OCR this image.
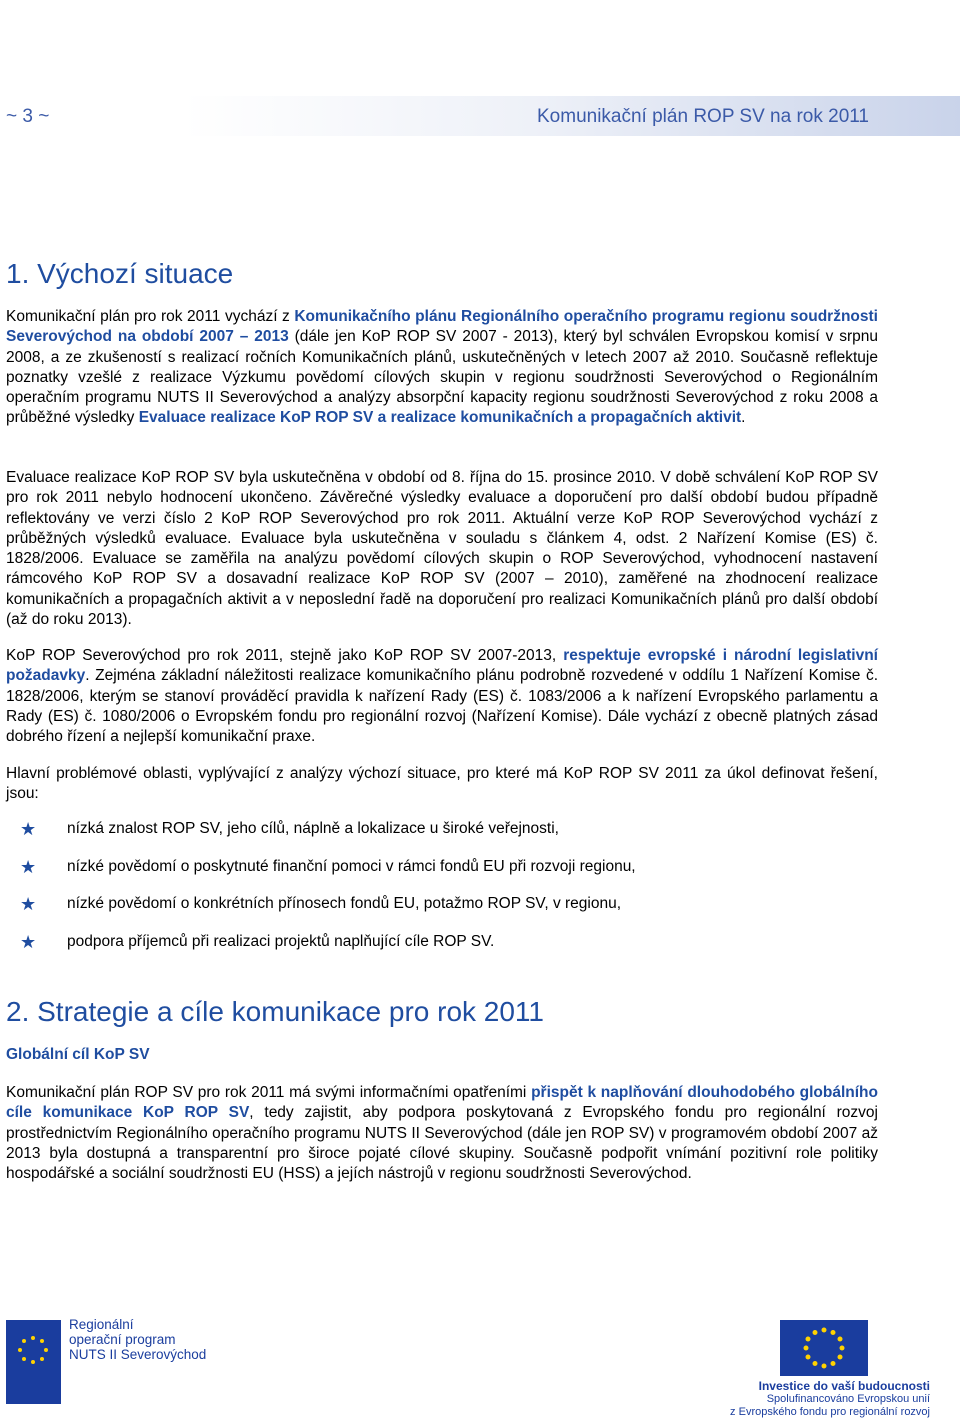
~ 3 ~	Komunikační plán ROP SV na rok 2011
1. Výchozí situace

Komunikační plán pro rok 2011 vychází z Komunikačního plánu Regionálního operačního programu regionu soudržnosti Severovýchod na období 2007 – 2013 (dále jen KoP ROP SV 2007 - 2013), který byl schválen Evropskou komisí v srpnu 2008, a ze zkušeností s realizací ročních Komunikačních plánů, uskutečněných v letech 2007 až 2010. Současně reflektuje poznatky vzešlé z realizace Výzkumu povědomí cílových skupin v regionu soudržnosti Severovýchod o Regionálním operačním programu NUTS II Severovýchod a analýzy absorpční kapacity regionu soudržnosti Severovýchod z roku 2008 a průběžné výsledky Evaluace realizace KoP ROP SV a realizace komunikačních a propagačních aktivit.

Evaluace realizace KoP ROP SV byla uskutečněna v období od 8. října do 15. prosince 2010. V době schválení KoP ROP SV pro rok 2011 nebylo hodnocení ukončeno. Závěrečné výsledky evaluace a doporučení pro další období budou případně reflektovány ve verzi číslo 2 KoP ROP Severovýchod pro rok 2011. Aktuální verze KoP ROP Severovýchod vychází z průběžných výsledků evaluace. Evaluace byla uskutečněna v souladu s článkem 4, odst. 2 Nařízení Komise (ES) č. 1828/2006. Evaluace se zaměřila na analýzu povědomí cílových skupin o ROP Severovýchod, vyhodnocení nastavení rámcového KoP ROP SV a dosavadní realizace KoP ROP SV (2007 – 2010), zaměřené na zhodnocení realizace komunikačních a propagačních aktivit a v neposlední řadě na doporučení pro realizaci Komunikačních plánů pro další období (až do roku 2013).

KoP ROP Severovýchod pro rok 2011, stejně jako KoP ROP SV 2007-2013, respektuje evropské i národní legislativní požadavky. Zejména základní náležitosti realizace komunikačního plánu podrobně rozvedené v oddílu 1 Nařízení Komise č. 1828/2006, kterým se stanoví prováděcí pravidla k nařízení Rady (ES) č. 1083/2006 a k nařízení Evropského parlamentu a Rady (ES) č. 1080/2006 o Evropském fondu pro regionální rozvoj (Nařízení Komise). Dále vychází z obecně platných zásad dobrého řízení a nejlepší komunikační praxe.

Hlavní problémové oblasti, vyplývající z analýzy výchozí situace, pro které má KoP ROP SV 2011 za úkol definovat řešení, jsou:

★ nízká znalost ROP SV, jeho cílů, náplně a lokalizace u široké veřejnosti,
★ nízké povědomí o poskytnuté finanční pomoci v rámci fondů EU při rozvoji regionu,
★ nízké povědomí o konkrétních přínosech fondů EU, potažmo ROP SV, v regionu,
★ podpora příjemců při realizaci projektů naplňující cíle ROP SV.
2. Strategie a cíle komunikace pro rok 2011
Globální cíl KoP SV

Komunikační plán ROP SV pro rok 2011 má svými informačními opatřeními přispět k naplňování dlouhodobého globálního cíle komunikace KoP ROP SV, tedy zajistit, aby podpora poskytovaná z Evropského fondu pro regionální rozvoj prostřednictvím Regionálního operačního programu NUTS II Severovýchod (dále jen ROP SV) v programovém období 2007 až 2013 byla dostupná a transparentní pro široce pojaté cílové skupiny. Současně podpořit vnímání pozitivní role politiky hospodářské a sociální soudržnosti EU (HSS) a jejích nástrojů v regionu soudržnosti Severovýchod.

Regionální
operační program
NUTS II Severovýchod
Investice do vaší budoucnosti
Spolufinancováno Evropskou unií
z Evropského fondu pro regionální rozvoj
